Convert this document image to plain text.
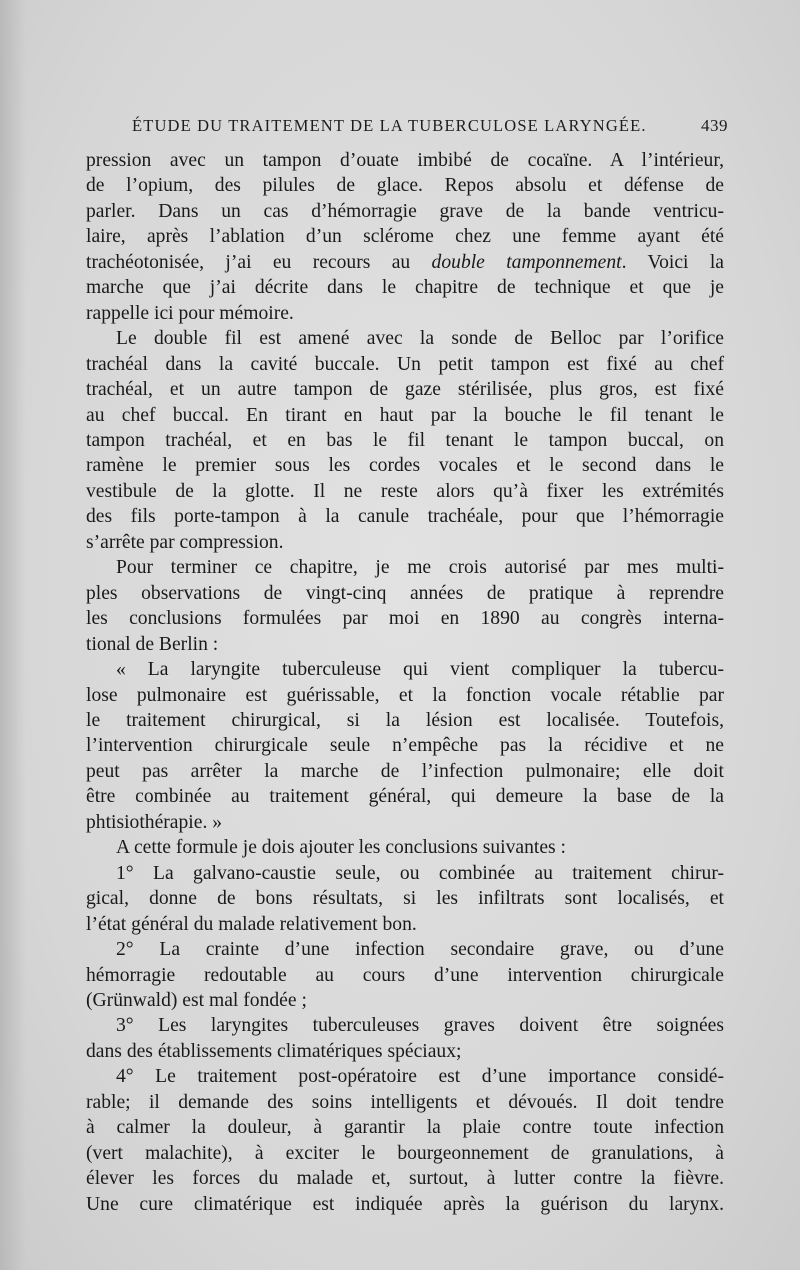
ÉTUDE DU TRAITEMENT DE LA TUBERCULOSE LARYNGÉE.	439
pression avec un tampon d’ouate imbibé de cocaïne. A l’intérieur,
de l’opium, des pilules de glace. Repos absolu et défense de
parler. Dans un cas d’hémorragie grave de la bande ventricu-
laire, après l’ablation d’un sclérome chez une femme ayant été
trachéotonisée, j’ai eu recours au double tamponnement. Voici la
marche que j’ai décrite dans le chapitre de technique et que je
rappelle ici pour mémoire.
Le double fil est amené avec la sonde de Belloc par l’orifice
trachéal dans la cavité buccale. Un petit tampon est fixé au chef
trachéal, et un autre tampon de gaze stérilisée, plus gros, est fixé
au chef buccal. En tirant en haut par la bouche le fil tenant le
tampon trachéal, et en bas le fil tenant le tampon buccal, on
ramène le premier sous les cordes vocales et le second dans le
vestibule de la glotte. Il ne reste alors qu’à fixer les extrémités
des fils porte-tampon à la canule trachéale, pour que l’hémorragie
s’arrête par compression.
Pour terminer ce chapitre, je me crois autorisé par mes multi-
ples observations de vingt-cinq années de pratique à reprendre
les conclusions formulées par moi en 1890 au congrès interna-
tional de Berlin :
« La laryngite tuberculeuse qui vient compliquer la tubercu-
lose pulmonaire est guérissable, et la fonction vocale rétablie par
le traitement chirurgical, si la lésion est localisée. Toutefois,
l’intervention chirurgicale seule n’empêche pas la récidive et ne
peut pas arrêter la marche de l’infection pulmonaire; elle doit
être combinée au traitement général, qui demeure la base de la
phtisiothérapie. »
A cette formule je dois ajouter les conclusions suivantes :
1° La galvano-caustie seule, ou combinée au traitement chirur-
gical, donne de bons résultats, si les infiltrats sont localisés, et
l’état général du malade relativement bon.
2° La crainte d’une infection secondaire grave, ou d’une
hémorragie redoutable au cours d’une intervention chirurgicale
(Grünwald) est mal fondée ;
3° Les laryngites tuberculeuses graves doivent être soignées
dans des établissements climatériques spéciaux;
4° Le traitement post-opératoire est d’une importance considé-
rable; il demande des soins intelligents et dévoués. Il doit tendre
à calmer la douleur, à garantir la plaie contre toute infection
(vert malachite), à exciter le bourgeonnement de granulations, à
élever les forces du malade et, surtout, à lutter contre la fièvre.
Une cure climatérique est indiquée après la guérison du larynx.
